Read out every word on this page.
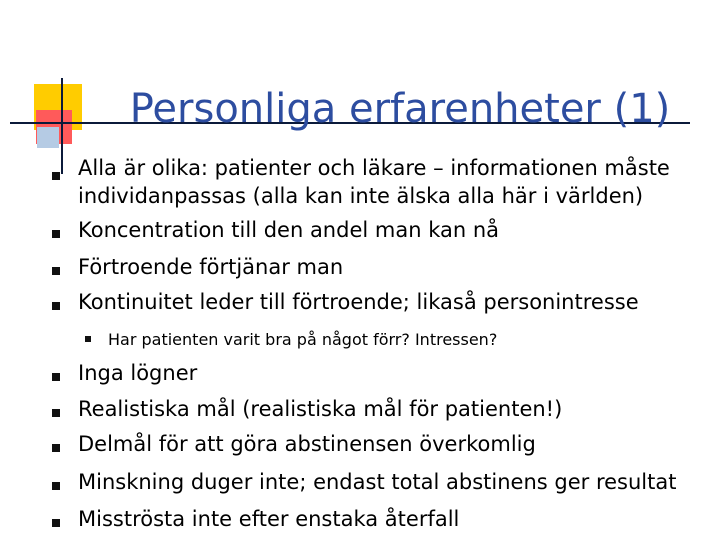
Personliga erfarenheter (1)
Alla är olika: patienter och läkare – informationen måste
individanpassas (alla kan inte älska alla här i världen)
Koncentration till den andel man kan nå
Förtroende förtjänar man
Kontinuitet leder till förtroende; likaså personintresse
Har patienten varit bra på något förr? Intressen?
Inga lögner
Realistiska mål (realistiska mål för patienten!)
Delmål för att göra abstinensen överkomlig
Minskning duger inte; endast total abstinens ger resultat
Misströsta inte efter enstaka återfall
